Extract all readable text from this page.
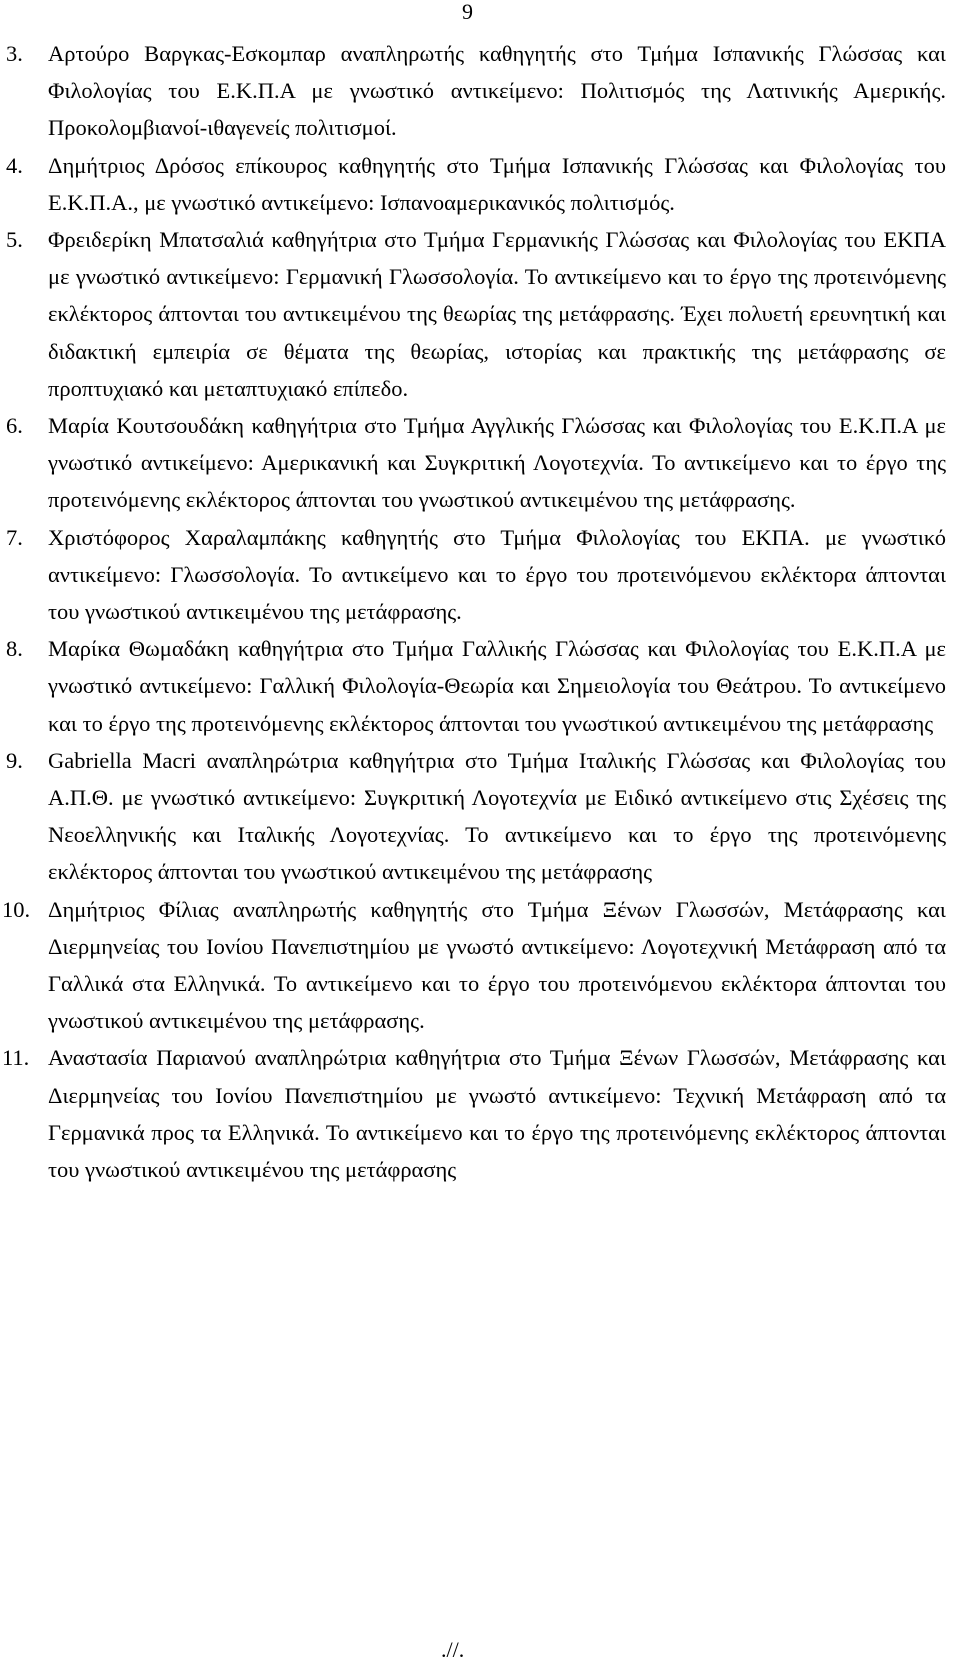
9
3. Αρτούρο Βαργκας-Εσκομπαρ αναπληρωτής καθηγητής στο Τμήμα Ισπανικής Γλώσσας και Φιλολογίας του Ε.Κ.Π.Α με γνωστικό αντικείμενο: Πολιτισμός της Λατινικής Αμερικής. Προκολομβιανοί-ιθαγενείς πολιτισμοί.
4. Δημήτριος Δρόσος επίκουρος καθηγητής στο Τμήμα Ισπανικής Γλώσσας και Φιλολογίας του Ε.Κ.Π.Α., με γνωστικό αντικείμενο: Ισπανοαμερικανικός πολιτισμός.
5. Φρειδερίκη Μπατσαλιά καθηγήτρια στο Τμήμα Γερμανικής Γλώσσας και Φιλολογίας του ΕΚΠΑ με γνωστικό αντικείμενο: Γερμανική Γλωσσολογία. Το αντικείμενο και το έργο της προτεινόμενης εκλέκτορος άπτονται του αντικειμένου της θεωρίας της μετάφρασης. Έχει πολυετή ερευνητική και διδακτική εμπειρία σε θέματα της θεωρίας, ιστορίας και πρακτικής της μετάφρασης σε προπτυχιακό και μεταπτυχιακό επίπεδο.
6. Μαρία Κουτσουδάκη καθηγήτρια στο Τμήμα Αγγλικής Γλώσσας και Φιλολογίας του Ε.Κ.Π.Α με γνωστικό αντικείμενο: Αμερικανική και Συγκριτική Λογοτεχνία. Το αντικείμενο και το έργο της προτεινόμενης εκλέκτορος άπτονται του γνωστικού αντικειμένου της μετάφρασης.
7. Χριστόφορος Χαραλαμπάκης καθηγητής στο Τμήμα Φιλολογίας του ΕΚΠΑ. με γνωστικό αντικείμενο: Γλωσσολογία. Το αντικείμενο και το έργο του προτεινόμενου εκλέκτορα άπτονται του γνωστικού αντικειμένου της μετάφρασης.
8. Μαρίκα Θωμαδάκη καθηγήτρια στο Τμήμα Γαλλικής Γλώσσας και Φιλολογίας του Ε.Κ.Π.Α με γνωστικό αντικείμενο: Γαλλική Φιλολογία-Θεωρία και Σημειολογία του Θεάτρου. Το αντικείμενο και το έργο της προτεινόμενης εκλέκτορος άπτονται του γνωστικού αντικειμένου της μετάφρασης
9. Gabriella Macri αναπληρώτρια καθηγήτρια στο Τμήμα Ιταλικής Γλώσσας και Φιλολογίας του Α.Π.Θ. με γνωστικό αντικείμενο: Συγκριτική Λογοτεχνία με Ειδικό αντικείμενο στις Σχέσεις της Νεοελληνικής και Ιταλικής Λογοτεχνίας. Το αντικείμενο και το έργο της προτεινόμενης εκλέκτορος άπτονται του γνωστικού αντικειμένου της μετάφρασης
10. Δημήτριος Φίλιας αναπληρωτής καθηγητής στο Τμήμα Ξένων Γλωσσών, Μετάφρασης και Διερμηνείας του Ιονίου Πανεπιστημίου με γνωστό αντικείμενο: Λογοτεχνική Μετάφραση από τα Γαλλικά στα Ελληνικά. Το αντικείμενο και το έργο του προτεινόμενου εκλέκτορα άπτονται του γνωστικού αντικειμένου της μετάφρασης.
11. Αναστασία Παριανού αναπληρώτρια καθηγήτρια στο Τμήμα Ξένων Γλωσσών, Μετάφρασης και Διερμηνείας του Ιονίου Πανεπιστημίου με γνωστό αντικείμενο: Τεχνική Μετάφραση από τα Γερμανικά προς τα Ελληνικά. Το αντικείμενο και το έργο της προτεινόμενης εκλέκτορος άπτονται του γνωστικού αντικειμένου της μετάφρασης
.//.
